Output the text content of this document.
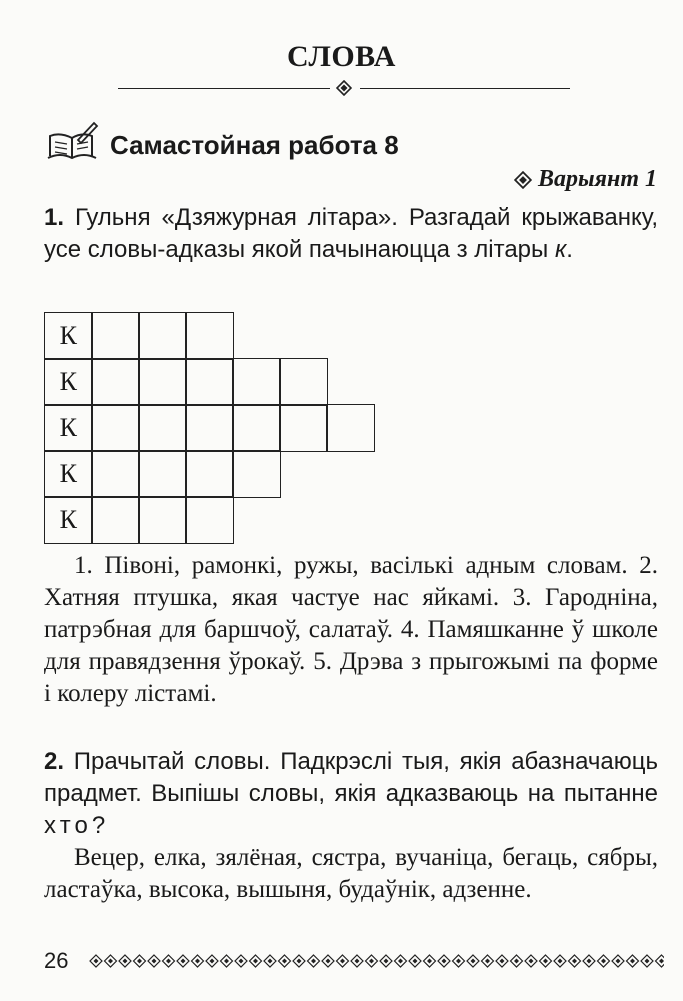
СЛОВА
Самастойная работа 8
Варыянт 1
1. Гульня «Дзяжурная літара». Разгадай крыжаванку, усе словы-адказы якой пачынаюцца з літары к.
К
К
К
К
К
1. Півоні, рамонкі, ружы, васількі адным словам. 2. Хатняя птушка, якая частуе нас яйкамі. 3. Гародніна, патрэбная для баршчоў, салатаў. 4. Памяшканне ў школе для правядзення ўрокаў. 5. Дрэва з прыгожымі па форме і колеру лістамі.
2. Прачытай словы. Падкрэслі тыя, якія абазначаюць прадмет. Выпішы словы, якія адказваюць на пытанне хто?
Вецер, елка, зялёная, сястра, вучаніца, бегаць, сябры, ластаўка, высока, вышыня, будаўнік, адзенне.
26
